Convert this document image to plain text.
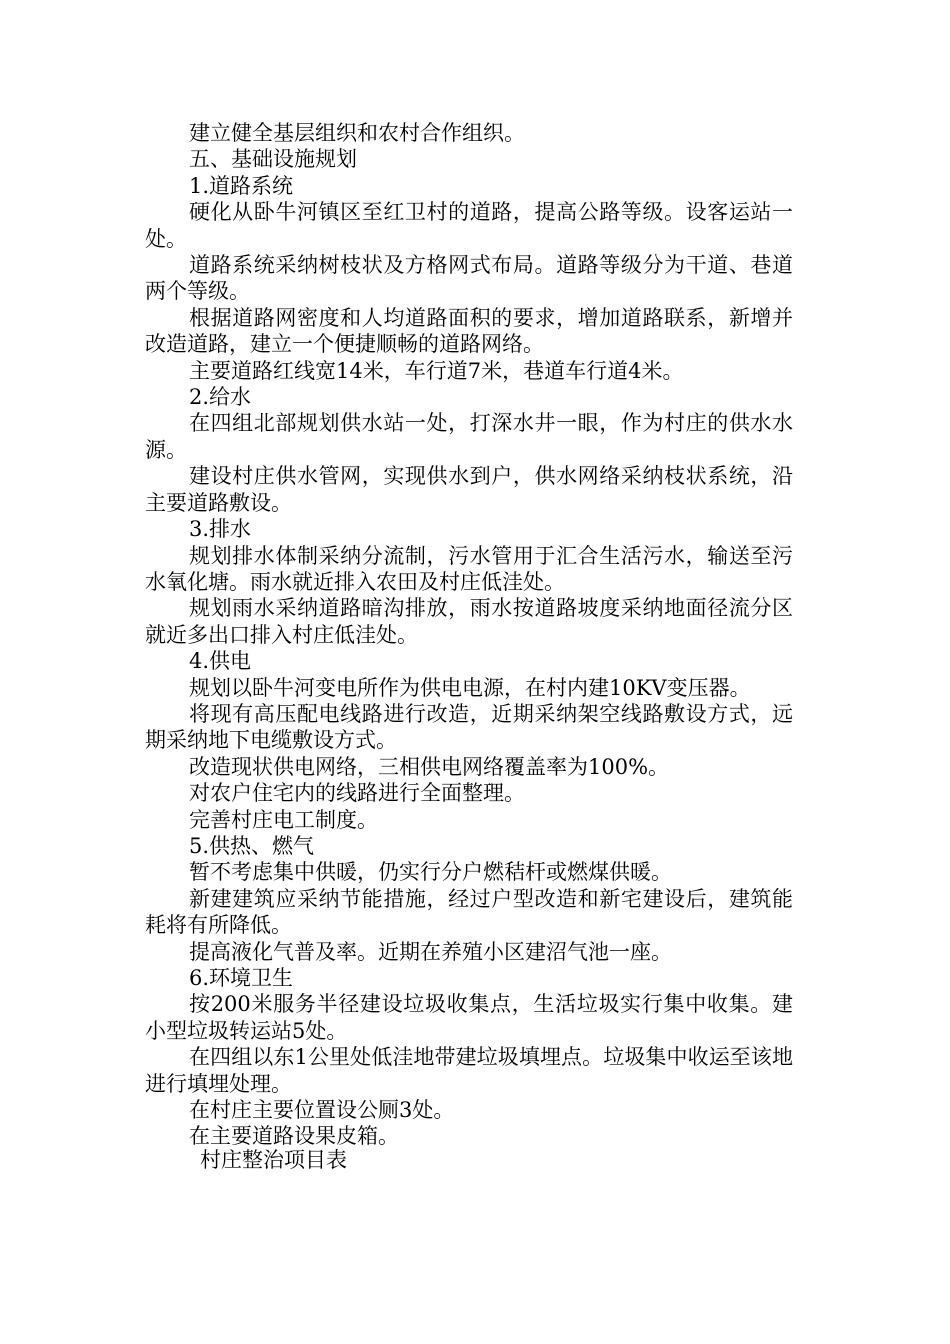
建立健全基层组织和农村合作组织。

五、基础设施规划

1.道路系统

硬化从卧牛河镇区至红卫村的道路，提高公路等级。设客运站一处。

道路系统采纳树枝状及方格网式布局。道路等级分为干道、巷道两个等级。

根据道路网密度和人均道路面积的要求，增加道路联系，新增并改造道路，建立一个便捷顺畅的道路网络。

主要道路红线宽14米，车行道7米，巷道车行道4米。

2.给水

在四组北部规划供水站一处，打深水井一眼，作为村庄的供水水源。

建设村庄供水管网，实现供水到户，供水网络采纳枝状系统，沿主要道路敷设。

3.排水

规划排水体制采纳分流制，污水管用于汇合生活污水，输送至污水氧化塘。雨水就近排入农田及村庄低洼处。

规划雨水采纳道路暗沟排放，雨水按道路坡度采纳地面径流分区就近多出口排入村庄低洼处。

4.供电

规划以卧牛河变电所作为供电电源，在村内建10KV变压器。

将现有高压配电线路进行改造，近期采纳架空线路敷设方式，远期采纳地下电缆敷设方式。

改造现状供电网络，三相供电网络覆盖率为100%。

对农户住宅内的线路进行全面整理。

完善村庄电工制度。

5.供热、燃气

暂不考虑集中供暖，仍实行分户燃秸杆或燃煤供暖。

新建建筑应采纳节能措施，经过户型改造和新宅建设后，建筑能耗将有所降低。

提高液化气普及率。近期在养殖小区建沼气池一座。

6.环境卫生

按200米服务半径建设垃圾收集点，生活垃圾实行集中收集。建小型垃圾转运站5处。

在四组以东1公里处低洼地带建垃圾填埋点。垃圾集中收运至该地进行填埋处理。

在村庄主要位置设公厕3处。

在主要道路设果皮箱。

村庄整治项目表
